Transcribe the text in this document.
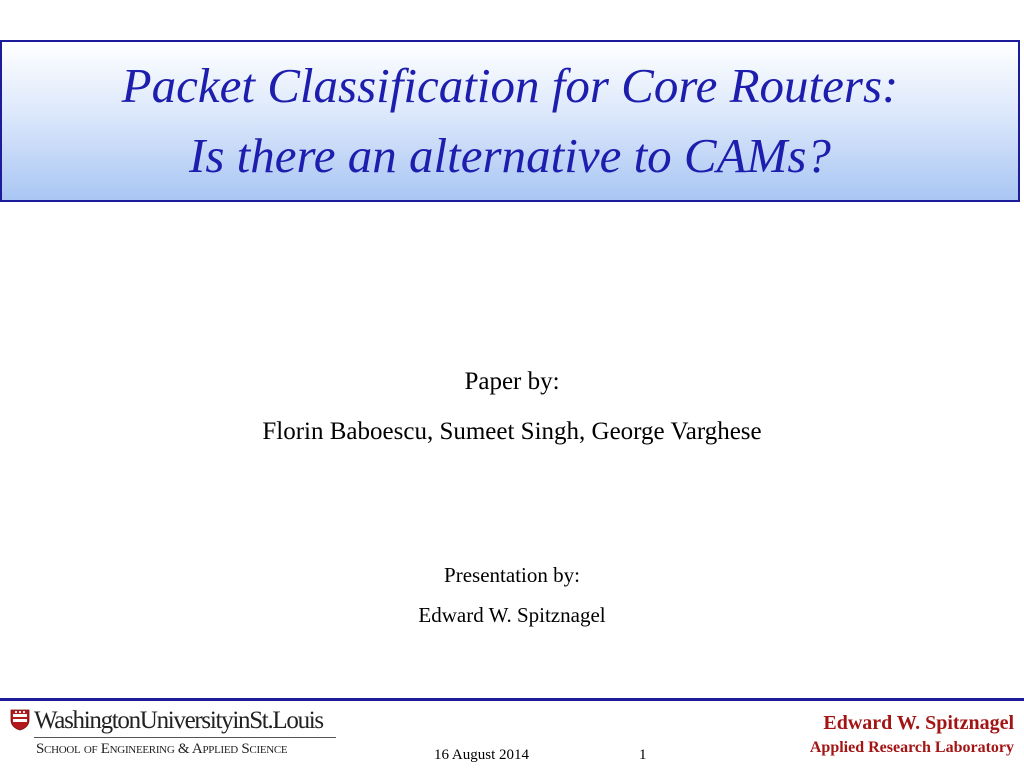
Packet Classification for Core Routers:
Is there an alternative to CAMs?
Paper by:
Florin Baboescu, Sumeet Singh, George Varghese
Presentation by:
Edward W. Spitznagel
WashingtonUniversityinSt.Louis
School of Engineering & Applied Science	16 August 2014	1
Edward W. Spitznagel
Applied Research Laboratory
